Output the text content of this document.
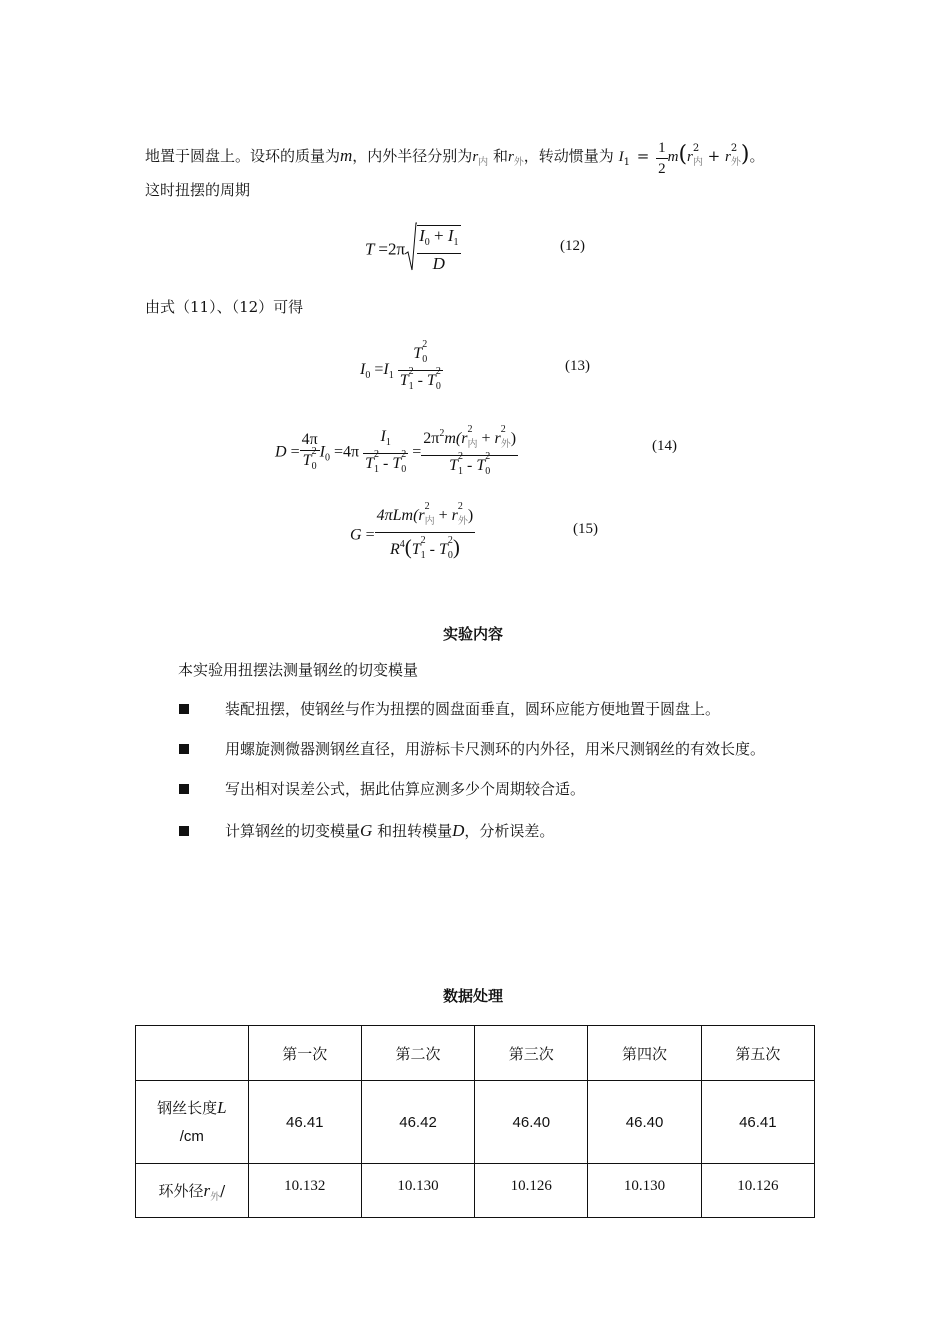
地置于圆盘上。设环的质量为m，内外半径分别为$r_内$ 和$r_外$，转动惯量为 $I_1 = \frac{1}{2} m(r$
2
$_内$ + r
2
$_外$)。
这时扭摆的周期
$T =2\pi \frac{I_0 + I_1}{D}$	(12)
由式（11）、（12）可得
$I_0 =I_1$ T
2
$_0$
T
2
$_1$ - T
2
$_0$	(13)
D = 4π
T
2
$_0$ $I_0 =4\pi$ $I_1$
T
2
$_1$ - T
2
$_0 = 2\pi^2m(r$
2
$_内$ + r
2
$_外$)
T
2
$_1$ - T
2
$_0$	(14)
G = 4πLm(r
2
$_内$ + r
2
$_外$)
$R^4(T$
2
$_1$ - T
2
$_0$)	(15)
实验内容
本实验用扭摆法测量钢丝的切变模量
装配扭摆，使钢丝与作为扭摆的圆盘面垂直，圆环应能方便地置于圆盘上。
用螺旋测微器测钢丝直径，用游标卡尺测环的内外径，用米尺测钢丝的有效长度。
写出相对误差公式，据此估算应测多少个周期较合适。
计算钢丝的切变模量G 和扭转模量D，分析误差。
数据处理
	第一次	第二次	第三次	第四次	第五次
钢丝长度L
/cm	46.41	46.42	46.40	46.40	46.41
环外径$r_外/$	10.132	10.130	10.126	10.130	10.126
